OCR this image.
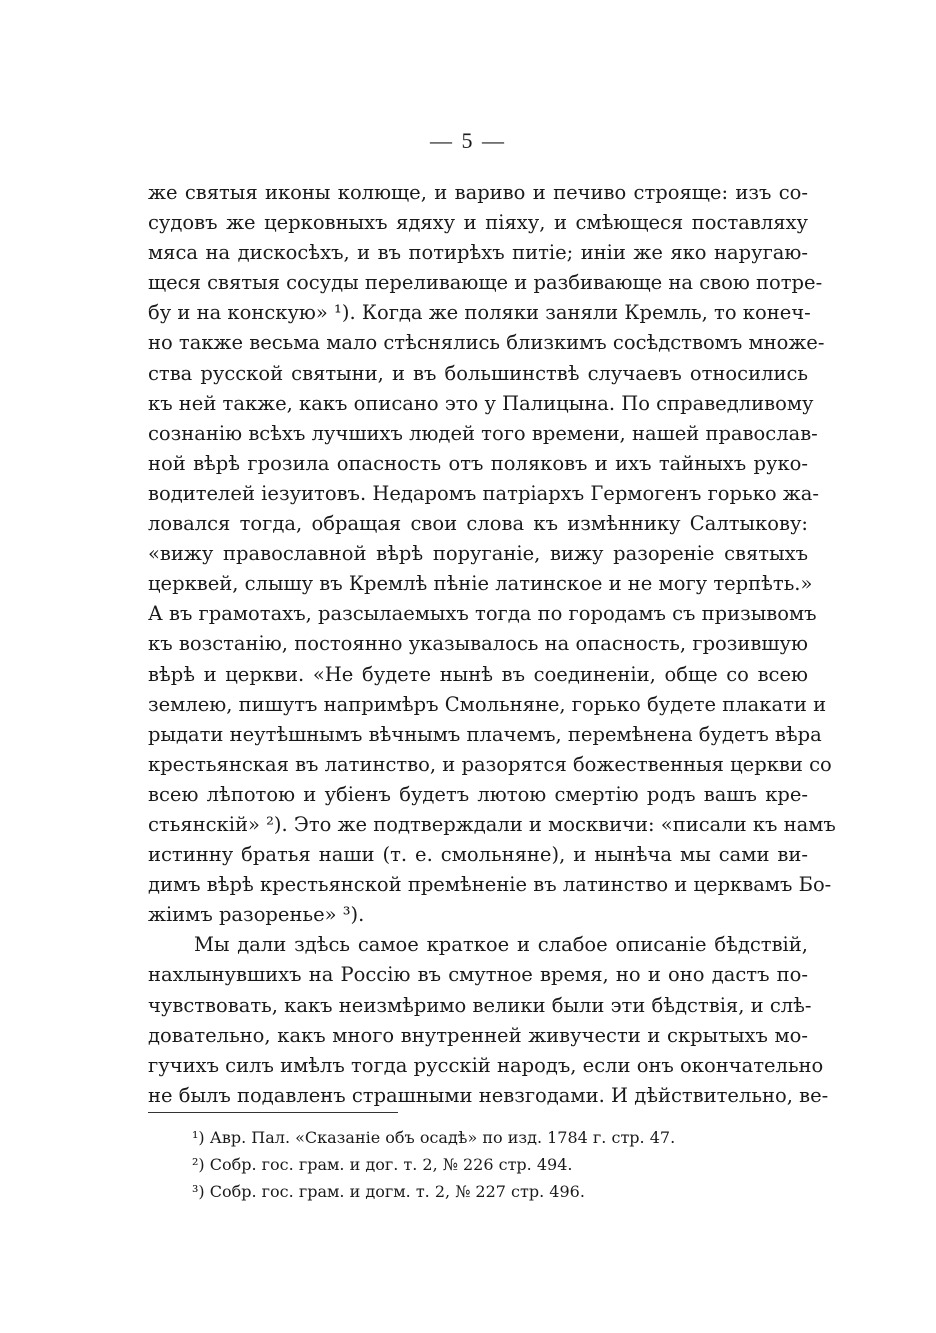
— 5 —
же святыя иконы колюще, и вариво и печиво строяще: изъ со-
судовъ же церковныхъ ядяху и піяху, и смѣющеся поставляху
мяса на дискосѣхъ, и въ потирѣхъ питіе; иніи же яко наругаю-
щеся святыя сосуды переливающе и разбивающе на свою потре-
бу и на конскую» ¹). Когда же поляки заняли Кремль, то конеч-
но также весьма мало стѣснялись близкимъ сосѣдствомъ множе-
ства русской святыни, и въ большинствѣ случаевъ относились
къ ней также, какъ описано это у Палицына. По справедливому
сознанію всѣхъ лучшихъ людей того времени, нашей православ-
ной вѣрѣ грозила опасность отъ поляковъ и ихъ тайныхъ руко-
водителей іезуитовъ. Недаромъ патріархъ Гермогенъ горько жа-
ловался тогда, обращая свои слова къ измѣннику Салтыкову:
«вижу православной вѣрѣ поруганіе, вижу разореніе святыхъ
церквей, слышу въ Кремлѣ пѣніе латинское и не могу терпѣть.»
А въ грамотахъ, разсылаемыхъ тогда по городамъ съ призывомъ
къ возстанію, постоянно указывалось на опасность, грозившую
вѣрѣ и церкви. «Не будете нынѣ въ соединеніи, обще со всею
землею, пишутъ напримѣръ Смольняне, горько будете плакати и
рыдати неутѣшнымъ вѣчнымъ плачемъ, перемѣнена будетъ вѣра
крестьянская въ латинство, и разорятся божественныя церкви со
всею лѣпотою и убіенъ будетъ лютою смертію родъ вашъ кре-
стьянскій» ²). Это же подтверждали и москвичи: «писали къ намъ
истинну братья наши (т. е. смольняне), и нынѣча мы сами ви-
димъ вѣрѣ крестьянской премѣненіе въ латинство и церквамъ Бо-
жіимъ разоренье» ³).
Мы дали здѣсь самое краткое и слабое описаніе бѣдствій,
нахлынувшихъ на Россію въ смутное время, но и оно дастъ по-
чувствовать, какъ неизмѣримо велики были эти бѣдствія, и слѣ-
довательно, какъ много внутренней живучести и скрытыхъ мо-
гучихъ силъ имѣлъ тогда русскій народъ, если онъ окончательно
не былъ подавленъ страшными невзгодами. И дѣйствительно, ве-
¹) Авр. Пал. «Сказаніе объ осадѣ» по изд. 1784 г. стр. 47.
²) Собр. гос. грам. и дог. т. 2, № 226 стр. 494.
³) Собр. гос. грам. и догм. т. 2, № 227 стр. 496.
